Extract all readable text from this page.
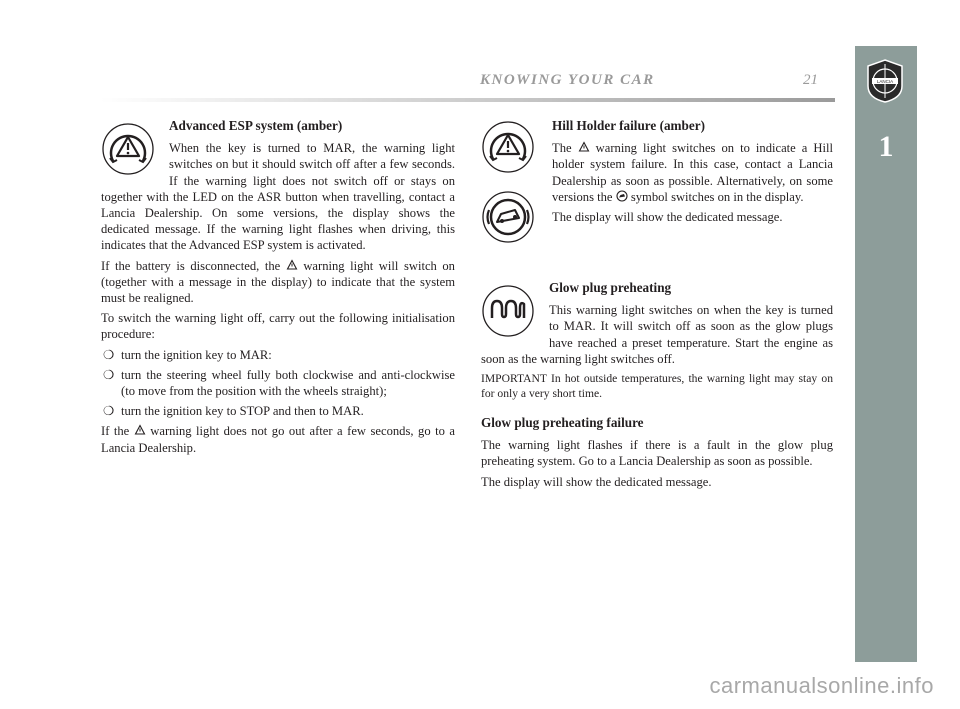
KNOWING YOUR CAR	21	LANCIA
1
Advanced ESP system (amber)

When the key is turned to MAR, the warning light switches on but it should switch off after a few seconds. If the warning light does not switch off or stays on together with the LED on the ASR button when travelling, contact a Lancia Dealership. On some versions, the display shows the dedicated message. If the warning light flashes when driving, this indicates that the Advanced ESP system is activated.

If the battery is disconnected, the warning light will switch on (together with a message in the display) to indicate that the system must be realigned.

To switch the warning light off, carry out the following initialisation procedure:

❍ turn the ignition key to MAR:
❍ turn the steering wheel fully both clockwise and anti-clockwise (to move from the position with the wheels straight);
❍ turn the ignition key to STOP and then to MAR.

If the warning light does not go out after a few seconds, go to a Lancia Dealership.

Hill Holder failure (amber)

The warning light switches on to indicate a Hill holder system failure. In this case, contact a Lancia Dealership as soon as possible. Alternatively, on some versions the symbol switches on in the display.

The display will show the dedicated message.

Glow plug preheating

This warning light switches on when the key is turned to MAR. It will switch off as soon as the glow plugs have reached a preset temperature. Start the engine as soon as the warning light switches off.

IMPORTANT In hot outside temperatures, the warning light may stay on for only a very short time.

Glow plug preheating failure

The warning light flashes if there is a fault in the glow plug preheating system. Go to a Lancia Dealership as soon as possible.

The display will show the dedicated message.

carmanualsonline.info
